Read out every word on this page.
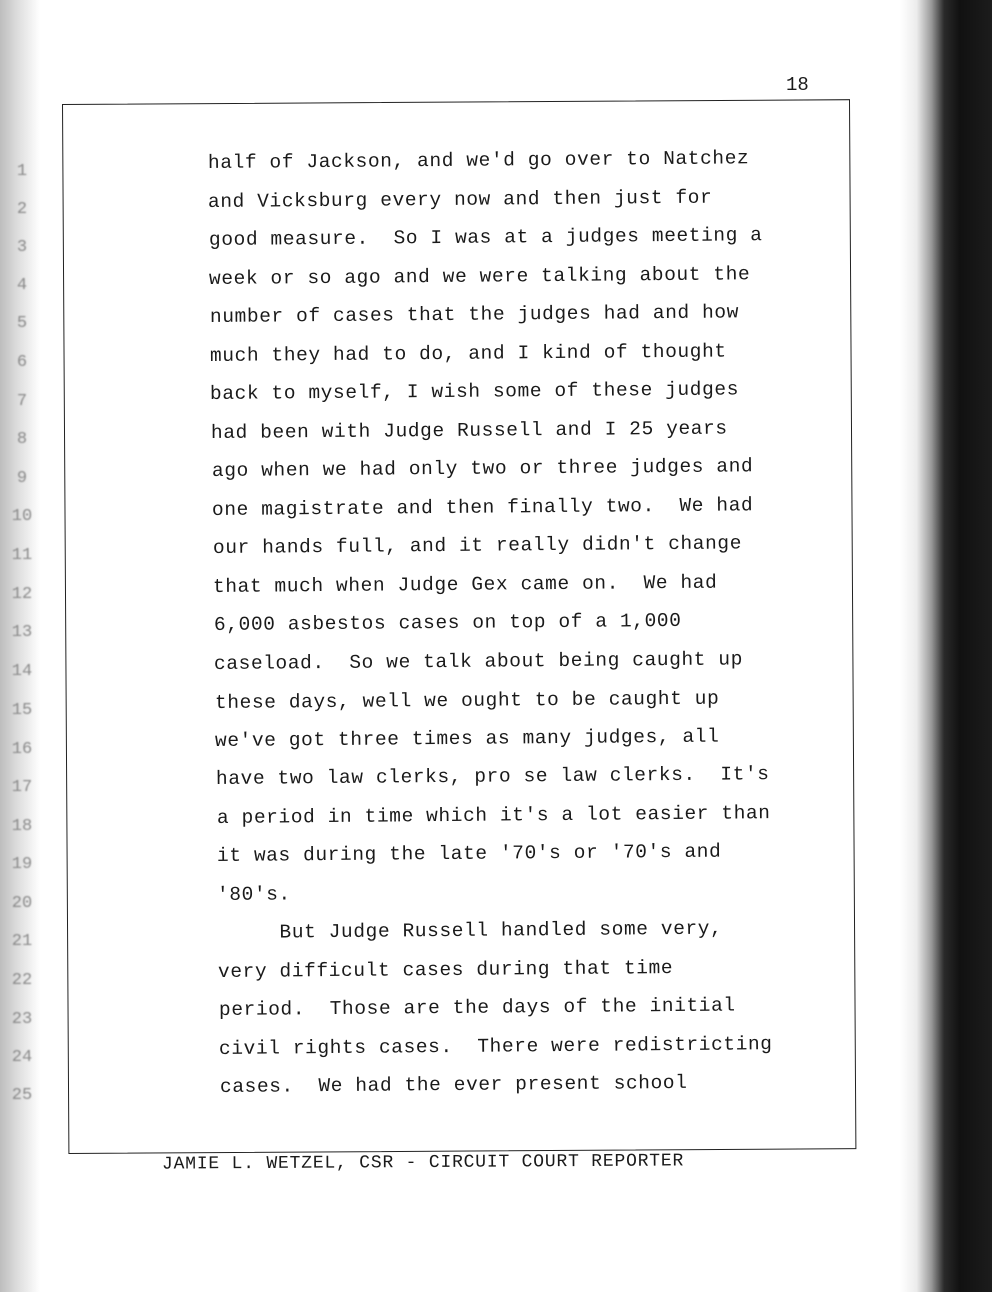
18
1
2
3
4
5
6
7
8
9
10
11
12
13
14
15
16
17
18
19
20
21
22
23
24
25
half of Jackson, and we'd go over to Natchez
and Vicksburg every now and then just for
good measure.  So I was at a judges meeting a
week or so ago and we were talking about the
number of cases that the judges had and how
much they had to do, and I kind of thought
back to myself, I wish some of these judges
had been with Judge Russell and I 25 years
ago when we had only two or three judges and
one magistrate and then finally two.  We had
our hands full, and it really didn't change
that much when Judge Gex came on.  We had
6,000 asbestos cases on top of a 1,000
caseload.  So we talk about being caught up
these days, well we ought to be caught up
we've got three times as many judges, all
have two law clerks, pro se law clerks.  It's
a period in time which it's a lot easier than
it was during the late '70's or '70's and
'80's.
But Judge Russell handled some very,
very difficult cases during that time
period.  Those are the days of the initial
civil rights cases.  There were redistricting
cases.  We had the ever present school
JAMIE L. WETZEL, CSR - CIRCUIT COURT REPORTER
